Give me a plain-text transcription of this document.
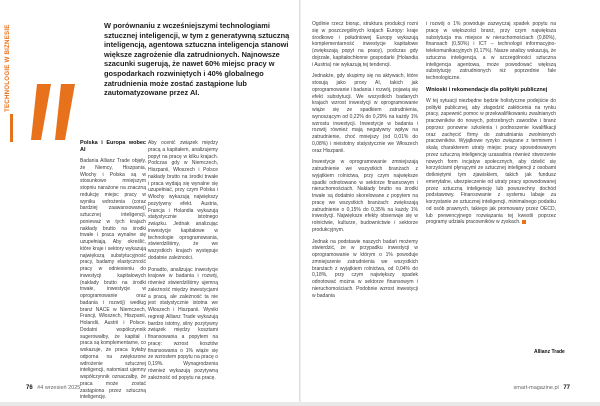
TECHNOLOGIE W BIZNESIE	W porównaniu z wcześniejszymi technologiami sztucznej inteligencji, w tym z generatywną sztuczną inteligencją, agentowa sztuczna inteligencja stanowi większe zagrożenie dla zatrudnionych. Najnowsze szacunki sugerują, że nawet 60% miejsc pracy w gospodarkach rozwiniętych i 40% globalnego zatrudnienia może zostać zastąpione lub zautomatyzowane przez AI.
Polska i Europa wobec AI

Badania Allianz Trade objęły, że Niemcy, Hiszpania, Włochy i Polska są w stosunkowo mniejszym stopniu narażone na znaczną redukcję miejsc pracy w wyniku wdrożenia (coraz bardziej zaawansowanej) sztucznej inteligencji, ponieważ w tych krajach nakłady brutto na środki trwałe i praca wynalne się uzupełniają. Aby określić, które kraje i sektory wykazują największą substytucyjność pracy, badamy elastyczność pracy w odniesieniu do inwestycji kapitałowych (nakłady brutto na środki trwałe, inwestycje w oprogramowanie oraz badania i rozwój) według branż NACE w Niemczech, Francji, Włoszech, Hiszpanii, Holandii, Austrii i Polsce. Dodatni współczynnik sugerowałby, że kapitał i praca są komplementarne, co wskazuje, że praca byłaby odporna na zwiększone wdrożenie sztucznej inteligencji, natomiast ujemny współczynnik oznaczałby, że praca może zostać zastąpiona przez sztuczną inteligencję.

Aby ocenić związek między pracą a kapitałem, analizujemy popyt na pracę w kilku krajach. Podczas gdy w Niemczech, Hiszpanii, Włoszech i Polsce nakłady brutto na środki trwałe i praca wydają się wynalne się uzupełniać, przy czym Polska i Włochy wykazują największy pozytywny efekt. Austria, Francja i Holandia wykazują statystycznie istotnego związku. Jednak analizując inwestycje kapitałowe w technologie oprogramowania, stwierdziliśmy, że we wszystkich krajach występuje dodatnie zależności.

Ponadto, analizując inwestycje krajowe w badania i rozwój, również stwierdziliśmy ujemną zależność między inwestycjami a pracą, ale zależność ta nie jest statystycznie istotna we Włoszech i Hiszpanii. Wyniki regresji Allianz Trade wykazują bardzo istotny, silny pozytywny związek między kosztami finansowania a popytem na pracę: wzrost kosztów finansowania o 1% wiąże się ze wzrostem popytu na pracę o 0,19%. Wynagrodzenia również wykazują pozytywną zależność od popytu na pracę.

Ogólnie rzecz biorąc, struktura produkcji rozni się w poszczególnych krajach Europy: kraje środkowo i południowej Europy wykazują komplementarność inwestycje kapitałowe (zwiększają popyt na pracę), podczas gdy dojrzałe, kapitałochłonne gospodarki (Holandia i Austria) nie wykazują tej tendencji.

Jednakże, gdy skupimy się na aktywach, które stosują jako proxy AI, takich jak oprogramowanie i badania i rozwój, pojawią się efekt substytucji. We wszystkich badanych krajach wzrost inwestycji w oprogramowanie wiąże się ze spadkiem zatrudnienia, wynoszącym od 0,22% do 0,29% na każdy 1% wzrostu inwestycji. Inwestycje w badania i rozwój również mają negatywny wpływ na zatrudnienie, choć mniejszy (od 0,01% do 0,08%) i nieistotny statystycznie we Włoszech oraz Hiszpanii.

Inwestycje w oprogramowanie zmniejszają zatrudnienie we wszystkich branżach z wyjątkiem rolnictwa, przy czym największe spadki odnotowano w sektorze finansowym i nieruchomościach. Nakłady brutto na środki trwałe są dodatnio skorelowane z popytem na pracę we wszystkich branżach: zwiększają zatrudnienie o 0,15% do 0,35% na każdy 1% inwestycji. Największe efekty obserwuje się w rolnictwie, kulturze, budownictwie i sektorze produkcyjnym.

Jednak na podstawie naszych badań możemy stwierdzić, że w przypadku inwestycji w oprogramowanie w którym o 1% powoduje zmniejszenie zatrudnienia we wszystkich branżach z wyjątkiem rolnictwa, od 0,04% do 0,18%, przy czym największy spadek odnotować można w sektorze finansowym i nieruchomościach. Podobnie wzrost inwestycji w badania

i rozwój o 1% powoduje zazwyczaj spadek popytu na pracę w większości branż, przy czym największa substytucja ma miejsce w nieruchomościach (0,80%), finansach (0,50%) i ICT – technologii informacyjno-telekomunikacyjnych (0,17%). Nasze analizy wskazują, że sztuczna inteligencja, a w szczególności sztuczna inteligencja agentowa, może powodować większą substytucję zatrudnionych niż poprzednie fale technologiczne.

Wnioski i rekomendacje dla polityki publicznej

W tej sytuacji niezbędne będzie holistyczne podejście do polityki publicznej, aby złagodzić zakłócenia na rynku pracy, zapewnić pomoc w przekwalifikowaniu zwalnianych pracowników do nowych, potrzebnych zawodów i branż poprzez ponowne szkolenia i podnoszenie kwalifikacji oraz zachęcić firmy do zatrudniania zwolnionych pracowników. Wyjątkowe ryzyko związane z terminem i skalą charakterem utraty miejsc pracy spowodowanym przez sztuczną inteligencję uzasadnia również stworzenie nowych form incjatyw społecznych, aby dzielić się korzyściami płynącymi ze sztucznej inteligencji z osobami dotkniętymi tym zjawiskiem, takich jak fundusz emerytalne, ubezpieczenie od utraty pracy spowodowanej przez sztuczną inteligencję lub powszechny dochód podstawowy. Finansowanie z systemu labaje za korzystanie ze sztucznej inteligencji, minimalnego podatku od osób prawnych, takiego jak promowany przez OECD, lub prewencyjnego rozwiązania tej kwestii poprzez programy udziału pracowników w zyskach.

Allianz Trade
76 #4 wrzesień 2025	smart-magazine.pl 77
